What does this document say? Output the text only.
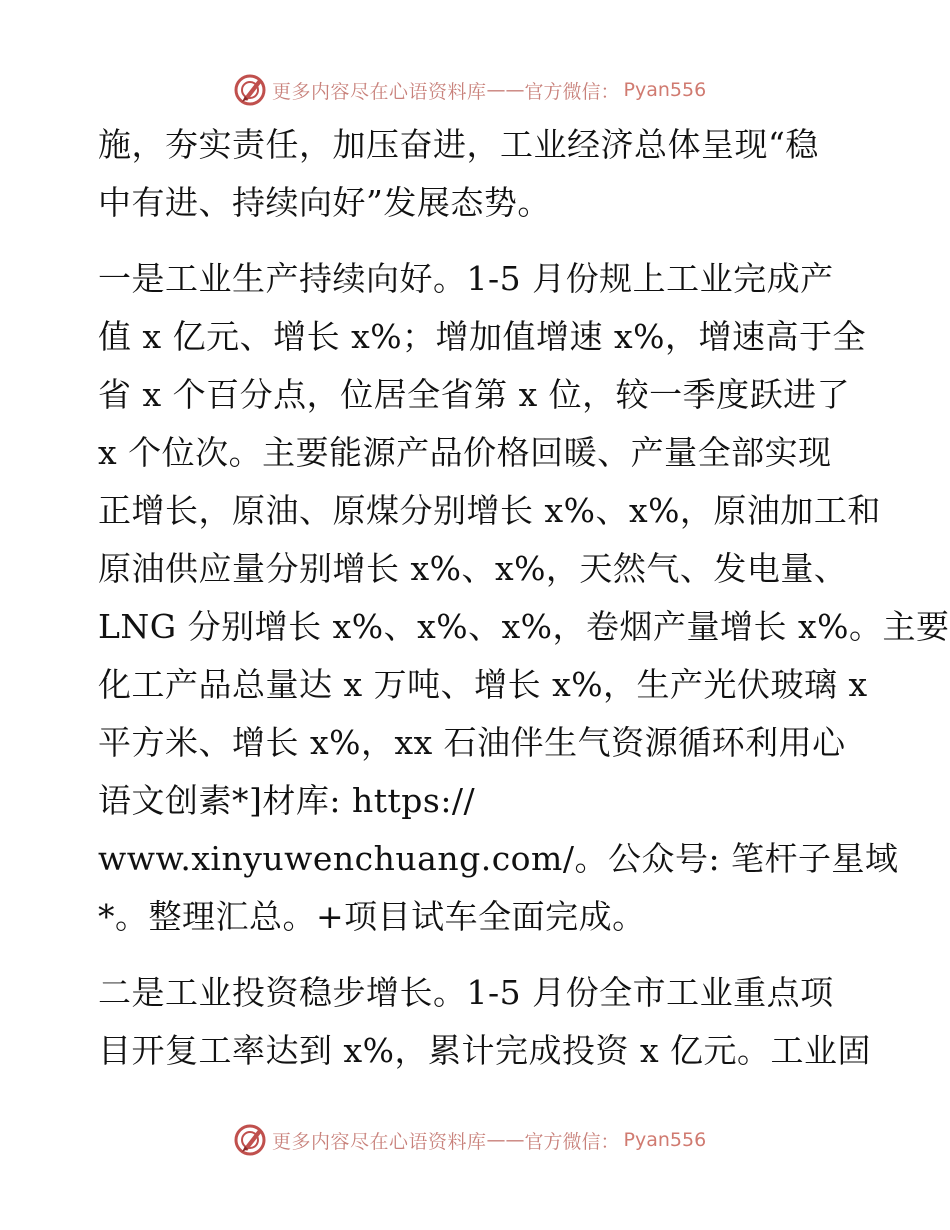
更多内容尽在心语资料库 —— 官方微信： Pyan556
施，夯实责任，加压奋进，工业经济总体呈现“稳
中有进、持续向好”发展态势。
一是工业生产持续向好。1-5 月份规上工业完成产
值 x 亿元、增长 x%；增加值增速 x%，增速高于全
省 x 个百分点，位居全省第 x 位，较一季度跃进了
x 个位次。主要能源产品价格回暖、产量全部实现
正增长，原油、原煤分别增长 x%、x%，原油加工和
原油供应量分别增长 x%、x%，天然气、发电量、
LNG 分别增长 x%、x%、x%，卷烟产量增长 x%。主要
化工产品总量达 x 万吨、增长 x%，生产光伏玻璃 x
平方米、增长 x%，xx 石油伴生气资源循环利用心
语文创素*]材库: https://
www.xinyuwenchuang.com/。公众号: 笔杆子星域
*。整理汇总。+项目试车全面完成。
二是工业投资稳步增长。1-5 月份全市工业重点项
目开复工率达到 x%，累计完成投资 x 亿元。工业固
更多内容尽在心语资料库 —— 官方微信： Pyan556
